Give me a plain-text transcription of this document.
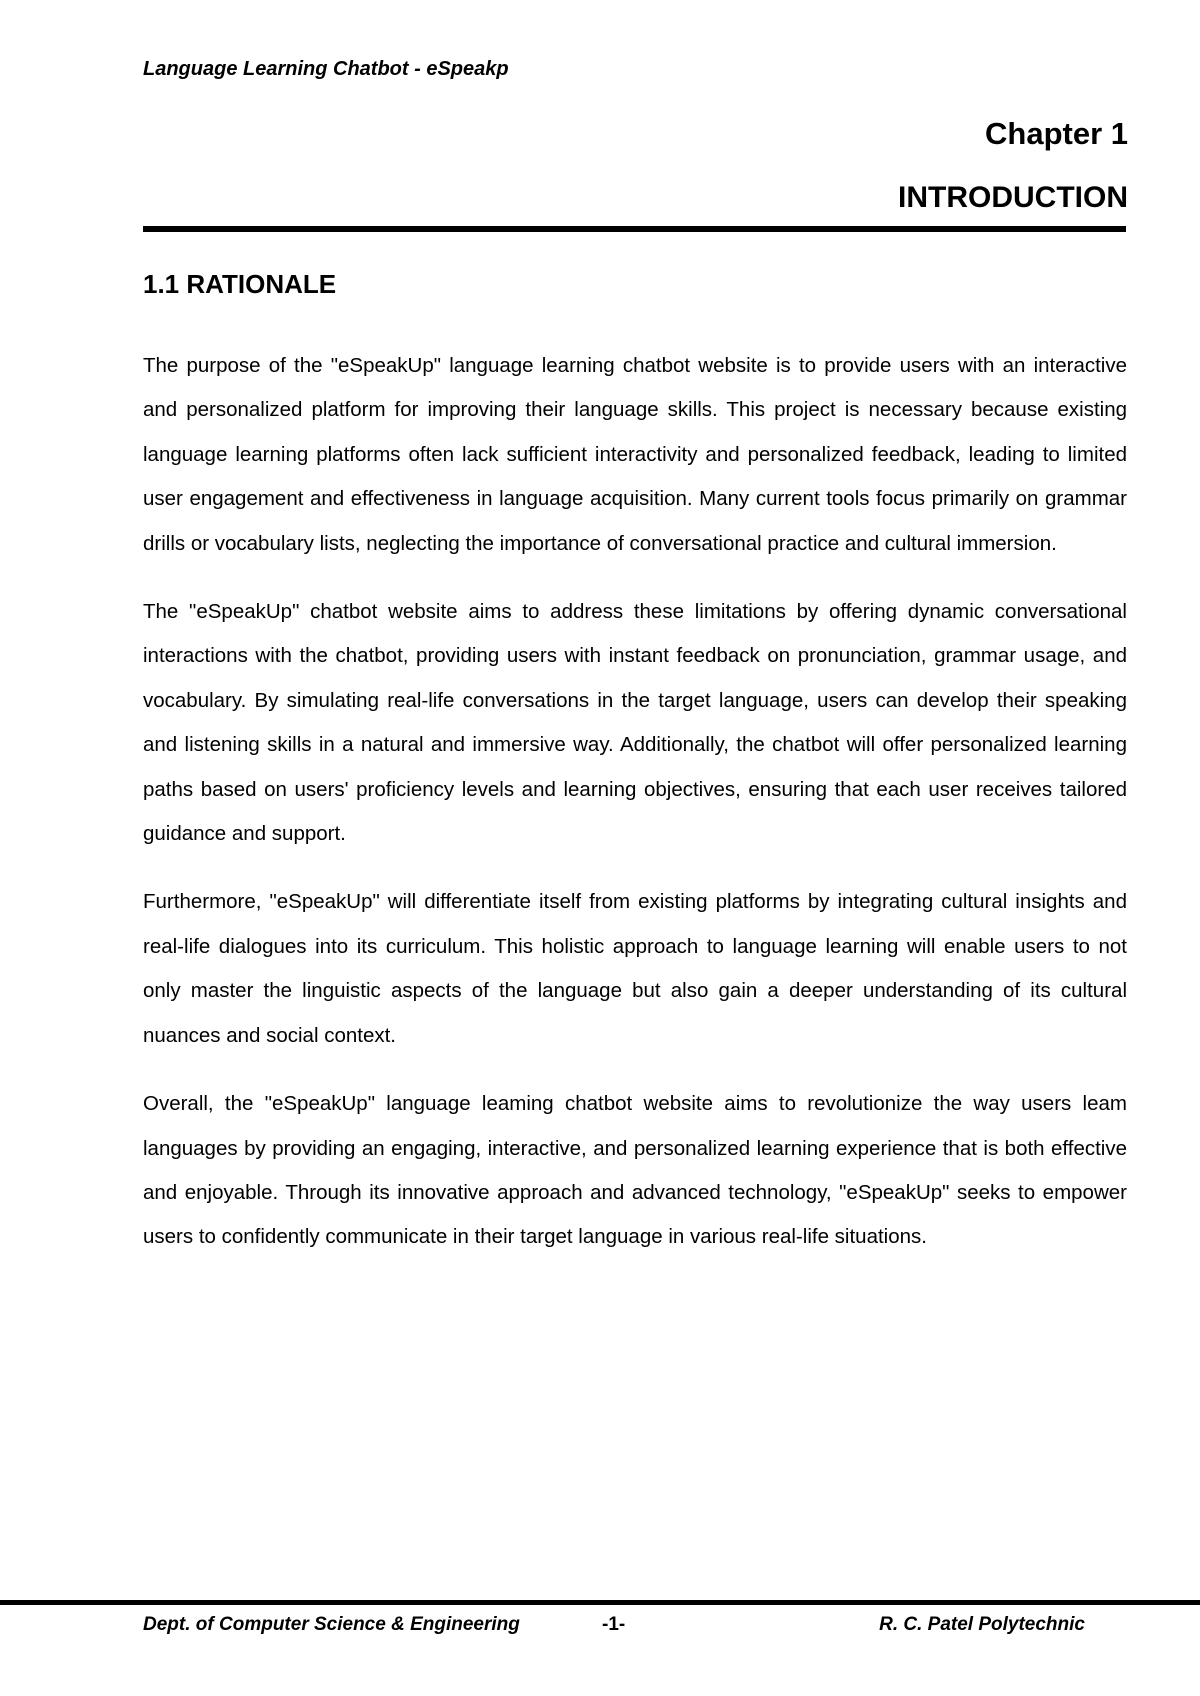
Language Learning Chatbot - eSpeakp
Chapter 1
INTRODUCTION
1.1 RATIONALE

The purpose of the "eSpeakUp" language learning chatbot website is to provide users with an interactive and personalized platform for improving their language skills. This project is necessary because existing language learning platforms often lack sufficient interactivity and personalized feedback, leading to limited user engagement and effectiveness in language acquisition. Many current tools focus primarily on grammar drills or vocabulary lists, neglecting the importance of conversational practice and cultural immersion.

The "eSpeakUp" chatbot website aims to address these limitations by offering dynamic conversational interactions with the chatbot, providing users with instant feedback on pronunciation, grammar usage, and vocabulary. By simulating real-life conversations in the target language, users can develop their speaking and listening skills in a natural and immersive way. Additionally, the chatbot will offer personalized learning paths based on users' proficiency levels and learning objectives, ensuring that each user receives tailored guidance and support.

Furthermore, "eSpeakUp" will differentiate itself from existing platforms by integrating cultural insights and real-life dialogues into its curriculum. This holistic approach to language learning will enable users to not only master the linguistic aspects of the language but also gain a deeper understanding of its cultural nuances and social context.

Overall, the "eSpeakUp" language leaming chatbot website aims to revolutionize the way users leam languages by providing an engaging, interactive, and personalized learning experience that is both effective and enjoyable. Through its innovative approach and advanced technology, "eSpeakUp" seeks to empower users to confidently communicate in their target language in various real-life situations.

Dept. of Computer Science & Engineering	-1-	R. C. Patel Polytechnic
